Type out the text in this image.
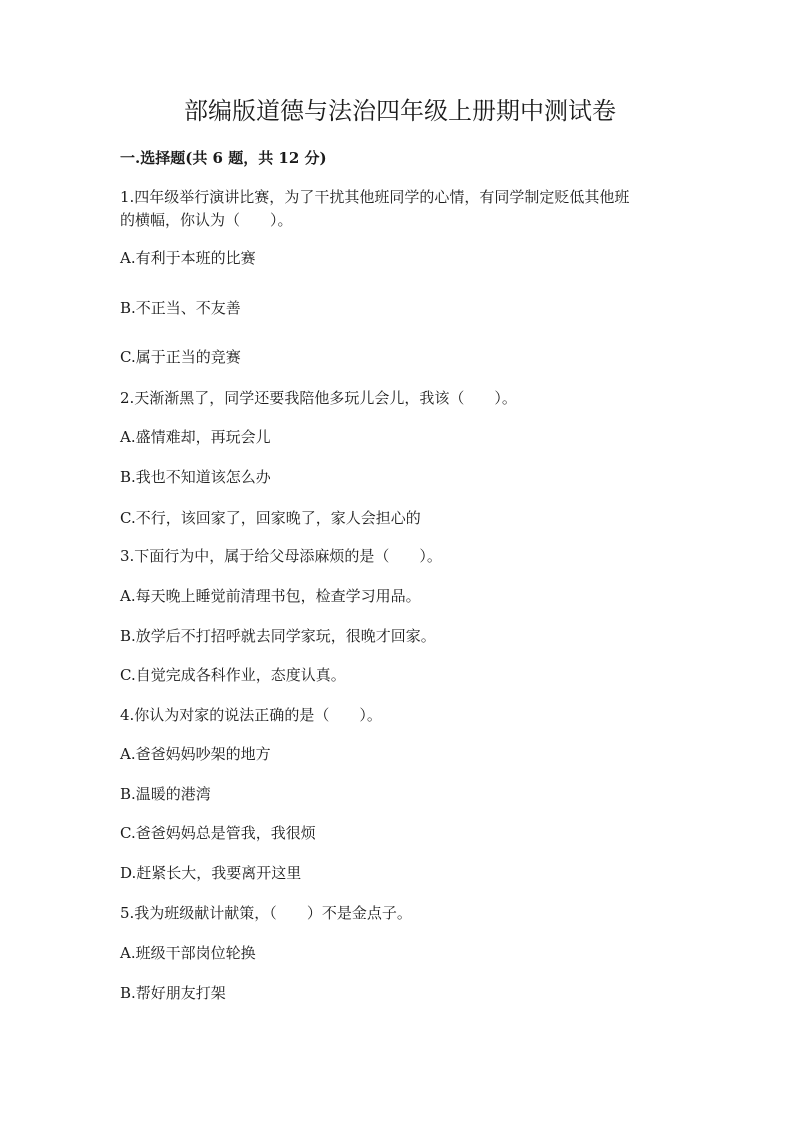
部编版道德与法治四年级上册期中测试卷
一.选择题(共 6 题，共 12 分)
1.四年级举行演讲比赛，为了干扰其他班同学的心情，有同学制定贬低其他班
的横幅，你认为（　　）。
A.有利于本班的比赛
B.不正当、不友善
C.属于正当的竞赛
2.天渐渐黑了，同学还要我陪他多玩儿会儿，我该（　　）。
A.盛情难却，再玩会儿
B.我也不知道该怎么办
C.不行，该回家了，回家晚了，家人会担心的
3.下面行为中，属于给父母添麻烦的是（　　）。
A.每天晚上睡觉前清理书包，检查学习用品。
B.放学后不打招呼就去同学家玩，很晚才回家。
C.自觉完成各科作业，态度认真。
4.你认为对家的说法正确的是（　　）。
A.爸爸妈妈吵架的地方
B.温暖的港湾
C.爸爸妈妈总是管我，我很烦
D.赶紧长大，我要离开这里
5.我为班级献计献策，（　　）不是金点子。
A.班级干部岗位轮换
B.帮好朋友打架
